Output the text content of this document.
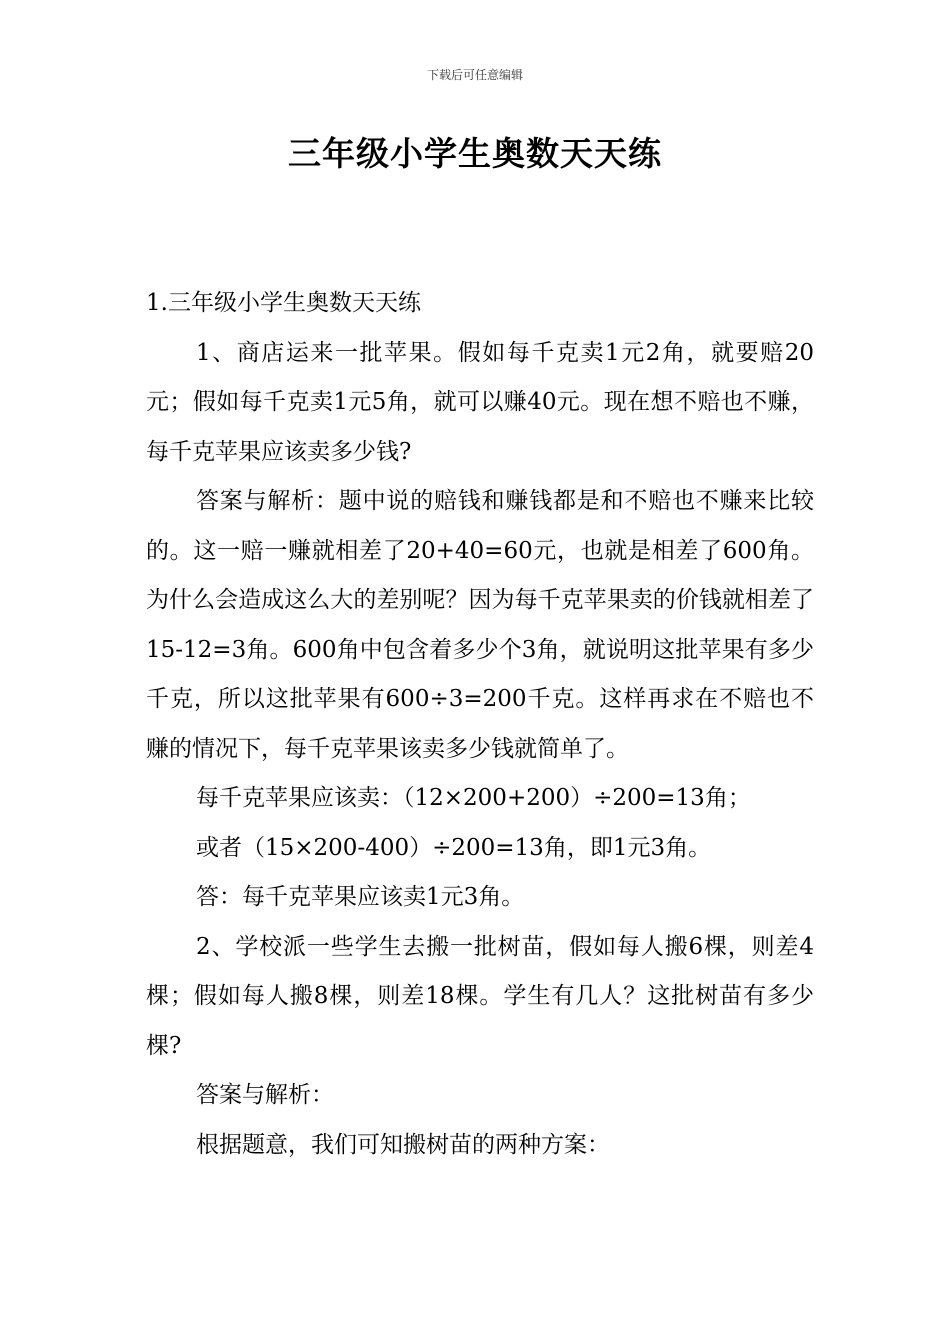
下载后可任意编辑
三年级小学生奥数天天练

1.三年级小学生奥数天天练

1、商店运来一批苹果。假如每千克卖1元2角，就要赔20元；假如每千克卖1元5角，就可以赚40元。现在想不赔也不赚，每千克苹果应该卖多少钱?

答案与解析：题中说的赔钱和赚钱都是和不赔也不赚来比较的。这一赔一赚就相差了20+40=60元，也就是相差了600角。为什么会造成这么大的差别呢？因为每千克苹果卖的价钱就相差了15-12=3角。600角中包含着多少个3角，就说明这批苹果有多少千克，所以这批苹果有600÷3=200千克。这样再求在不赔也不赚的情况下，每千克苹果该卖多少钱就简单了。

每千克苹果应该卖：（12×200+200）÷200=13角；

或者（15×200-400）÷200=13角，即1元3角。

答：每千克苹果应该卖1元3角。

2、学校派一些学生去搬一批树苗，假如每人搬6棵，则差4棵；假如每人搬8棵，则差18棵。学生有几人？这批树苗有多少棵?

答案与解析：

根据题意，我们可知搬树苗的两种方案：
